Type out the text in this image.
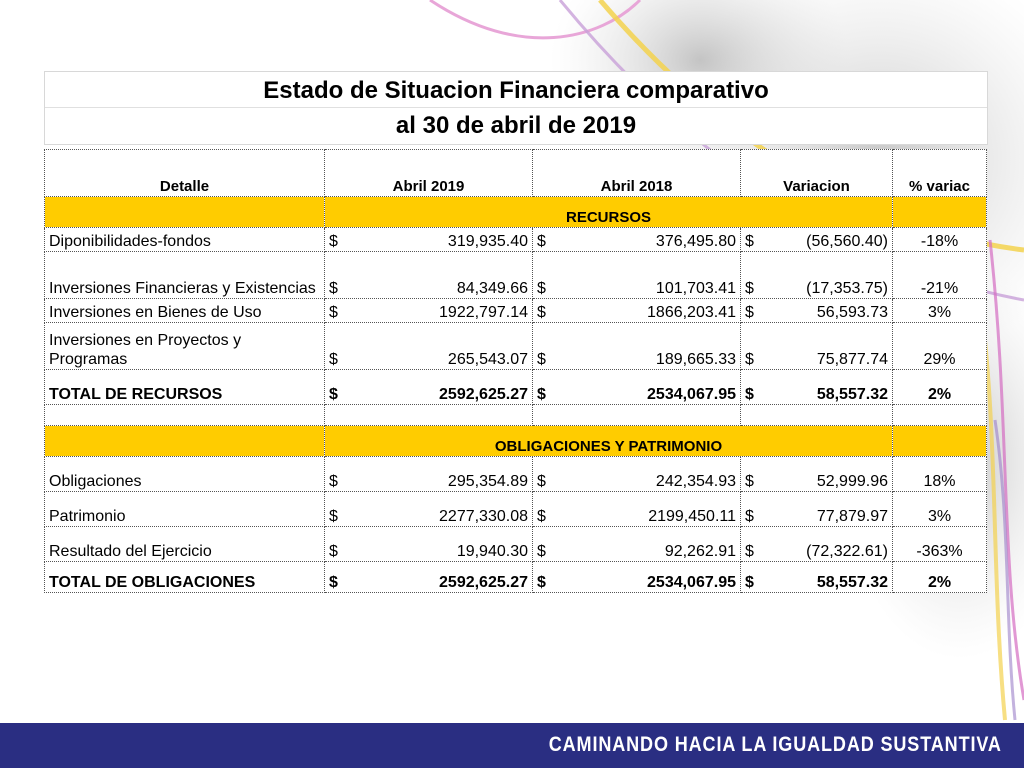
Estado de Situacion Financiera comparativo
al 30 de abril de 2019
Detalle	Abril 2019	Abril 2018	Variacion	% variac
	RECURSOS			
Diponibilidades-fondos	$ 319,935.40	$ 376,495.80	$ (56,560.40)	-18%
Inversiones Financieras y Existencias	$ 84,349.66	$ 101,703.41	$ (17,353.75)	-21%
Inversiones en Bienes de Uso	$ 1922,797.14	$ 1866,203.41	$ 56,593.73	3%
Inversiones en Proyectos y Programas	$ 265,543.07	$ 189,665.33	$ 75,877.74	29%
TOTAL DE RECURSOS	$ 2592,625.27	$ 2534,067.95	$ 58,557.32	2%

	OBLIGACIONES Y PATRIMONIO			
Obligaciones	$ 295,354.89	$ 242,354.93	$ 52,999.96	18%
Patrimonio	$ 2277,330.08	$ 2199,450.11	$ 77,879.97	3%
Resultado del Ejercicio	$ 19,940.30	$ 92,262.91	$ (72,322.61)	-363%
TOTAL DE OBLIGACIONES	$ 2592,625.27	$ 2534,067.95	$ 58,557.32	2%
CAMINANDO HACIA LA IGUALDAD SUSTANTIVA
